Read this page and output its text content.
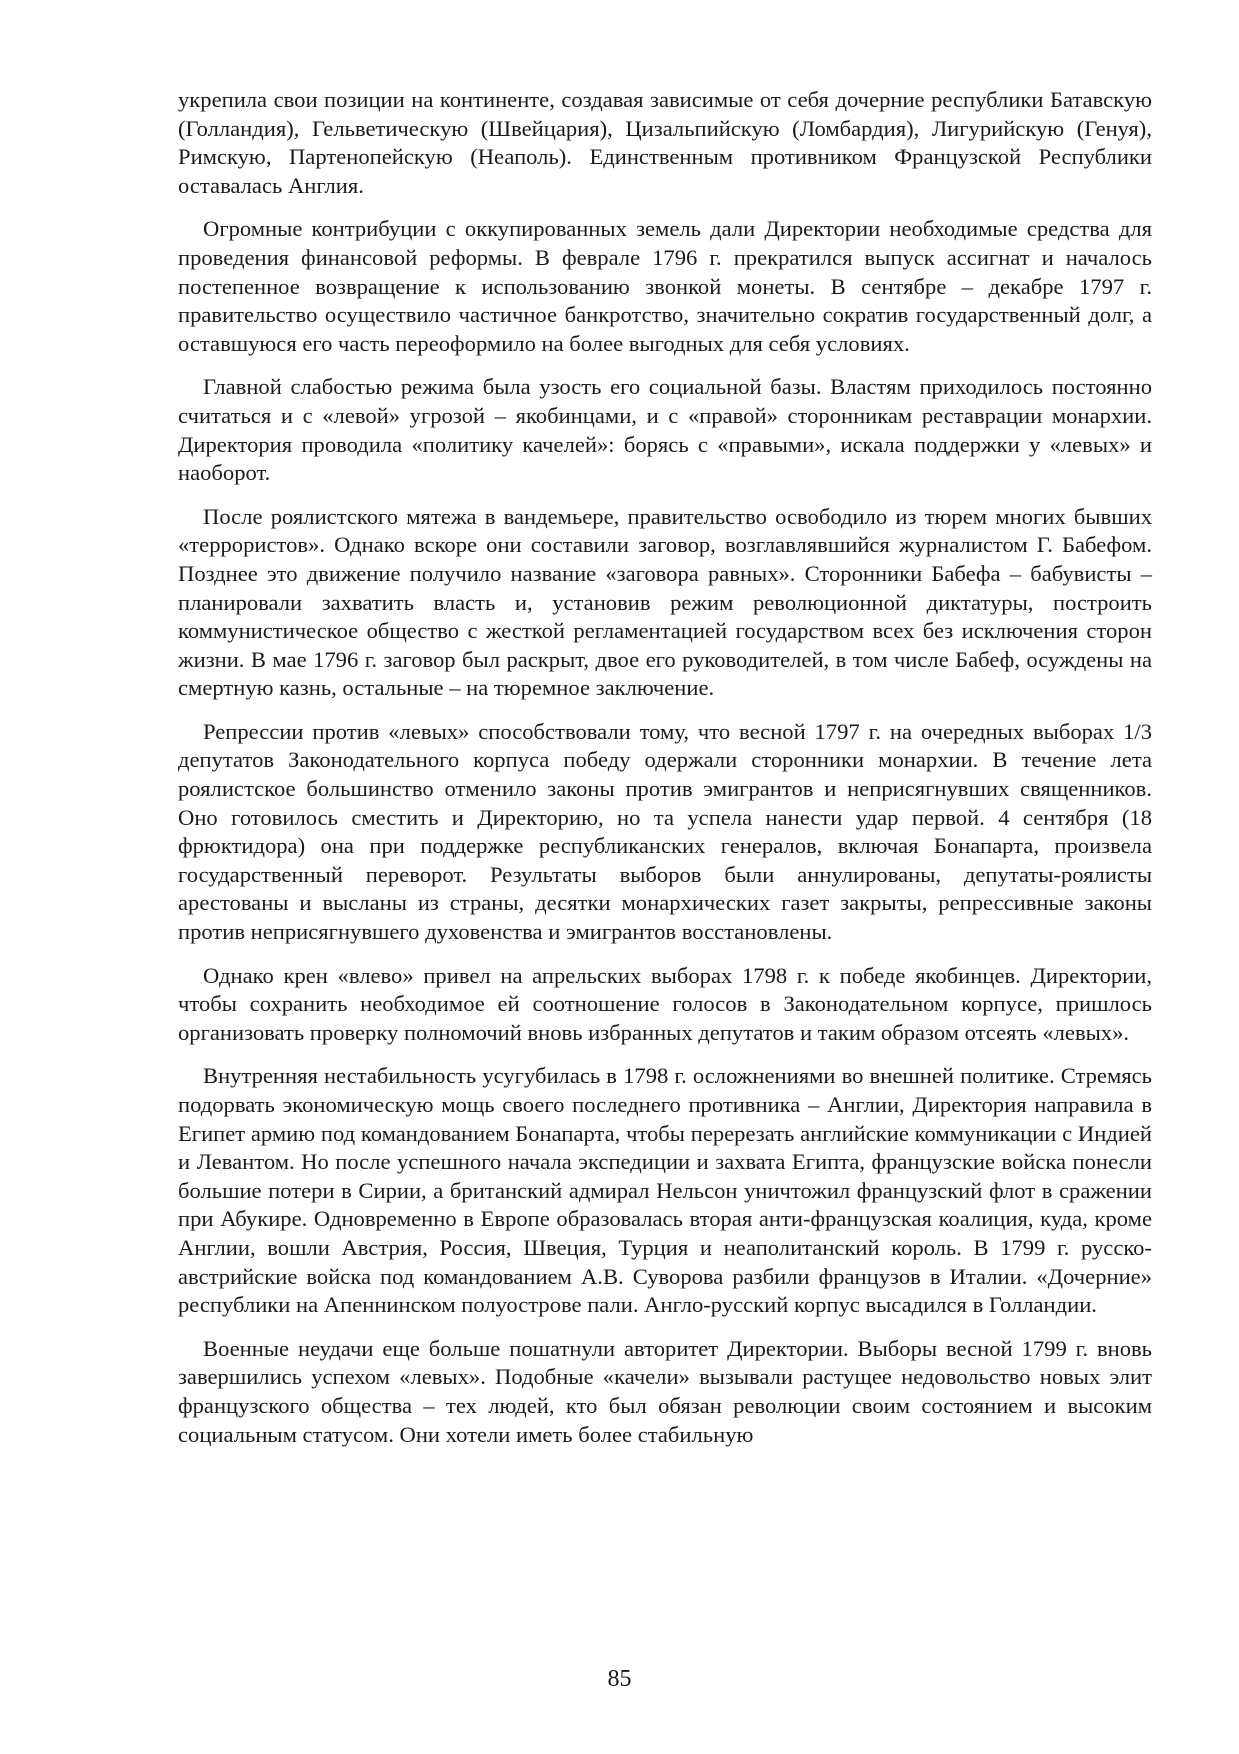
укрепила свои позиции на континенте, создавая зависимые от себя дочерние республики Батавскую (Голландия), Гельветическую (Швейцария), Цизальпийскую (Ломбардия), Лигурийскую (Генуя), Римскую, Партенопейскую (Неаполь). Единственным противником Французской Республики оставалась Англия.

Огромные контрибуции с оккупированных земель дали Директории необходимые средства для проведения финансовой реформы. В феврале 1796 г. прекратился выпуск ассигнат и началось постепенное возвращение к использованию звонкой монеты. В сентябре – декабре 1797 г. правительство осуществило частичное банкротство, значительно сократив государственный долг, а оставшуюся его часть переоформило на более выгодных для себя условиях.

Главной слабостью режима была узость его социальной базы. Властям приходилось постоянно считаться и с «левой» угрозой – якобинцами, и с «правой» сторонникам реставрации монархии. Директория проводила «политику качелей»: борясь с «правыми», искала поддержки у «левых» и наоборот.

После роялистского мятежа в вандемьере, правительство освободило из тюрем многих бывших «террористов». Однако вскоре они составили заговор, возглавлявшийся журналистом Г. Бабефом. Позднее это движение получило название «заговора равных». Сторонники Бабефа – бабувисты – планировали захватить власть и, установив режим революционной диктатуры, построить коммунистическое общество с жесткой регламентацией государством всех без исключения сторон жизни. В мае 1796 г. заговор был раскрыт, двое его руководителей, в том числе Бабеф, осуждены на смертную казнь, остальные – на тюремное заключение.

Репрессии против «левых» способствовали тому, что весной 1797 г. на очередных выборах 1/3 депутатов Законодательного корпуса победу одержали сторонники монархии. В течение лета роялистское большинство отменило законы против эмигрантов и неприсягнувших священников. Оно готовилось сместить и Директорию, но та успела нанести удар первой. 4 сентября (18 фрюктидора) она при поддержке республиканских генералов, включая Бонапарта, произвела государственный переворот. Результаты выборов были аннулированы, депутаты-роялисты арестованы и высланы из страны, десятки монархических газет закрыты, репрессивные законы против неприсягнувшего духовенства и эмигрантов восстановлены.

Однако крен «влево» привел на апрельских выборах 1798 г. к победе якобинцев. Директории, чтобы сохранить необходимое ей соотношение голосов в Законодательном корпусе, пришлось организовать проверку полномочий вновь избранных депутатов и таким образом отсеять «левых».

Внутренняя нестабильность усугубилась в 1798 г. осложнениями во внешней политике. Стремясь подорвать экономическую мощь своего последнего противника – Англии, Директория направила в Египет армию под командованием Бонапарта, чтобы перерезать английские коммуникации с Индией и Левантом. Но после успешного начала экспедиции и захвата Египта, французские войска понесли большие потери в Сирии, а британский адмирал Нельсон уничтожил французский флот в сражении при Абукире. Одновременно в Европе образовалась вторая анти-французская коалиция, куда, кроме Англии, вошли Австрия, Россия, Швеция, Турция и неаполитанский король. В 1799 г. русско-австрийские войска под командованием А.В. Суворова разбили французов в Италии. «Дочерние» республики на Апеннинском полуострове пали. Англо-русский корпус высадился в Голландии.

Военные неудачи еще больше пошатнули авторитет Директории. Выборы весной 1799 г. вновь завершились успехом «левых». Подобные «качели» вызывали растущее недовольство новых элит французского общества – тех людей, кто был обязан революции своим состоянием и высоким социальным статусом. Они хотели иметь более стабильную

85
